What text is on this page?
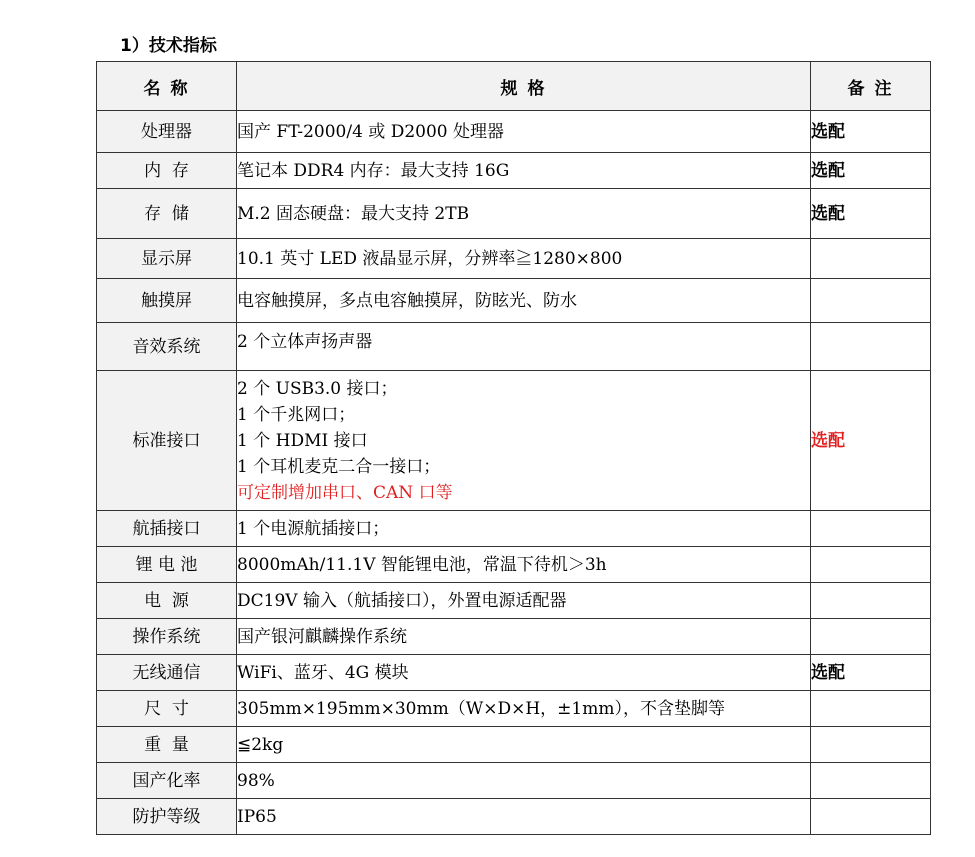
1）技术指标
名 称	规 格	备 注
处理器	国产 FT-2000/4 或 D2000 处理器	选配
内  存	笔记本 DDR4 内存：最大支持 16G	选配
存  储	M.2 固态硬盘：最大支持 2TB	选配
显示屏	10.1 英寸 LED 液晶显示屏，分辨率≧1280×800	

触摸屏	电容触摸屏，多点电容触摸屏，防眩光、防水	

音效系统	2 个立体声扬声器	

标准接口	2 个 USB3.0 接口；
1 个千兆网口；
1 个 HDMI 接口
1 个耳机麦克二合一接口；
可定制增加串口、CAN 口等	选配
航插接口	1 个电源航插接口；	

锂 电 池	8000mAh/11.1V 智能锂电池，常温下待机＞3h	

电  源	DC19V 输入（航插接口），外置电源适配器	

操作系统	国产银河麒麟操作系统	

无线通信	WiFi、蓝牙、4G 模块	选配
尺  寸	305mm×195mm×30mm（W×D×H，±1mm），不含垫脚等	

重  量	≦2kg	

国产化率	98%	

防护等级	IP65	
